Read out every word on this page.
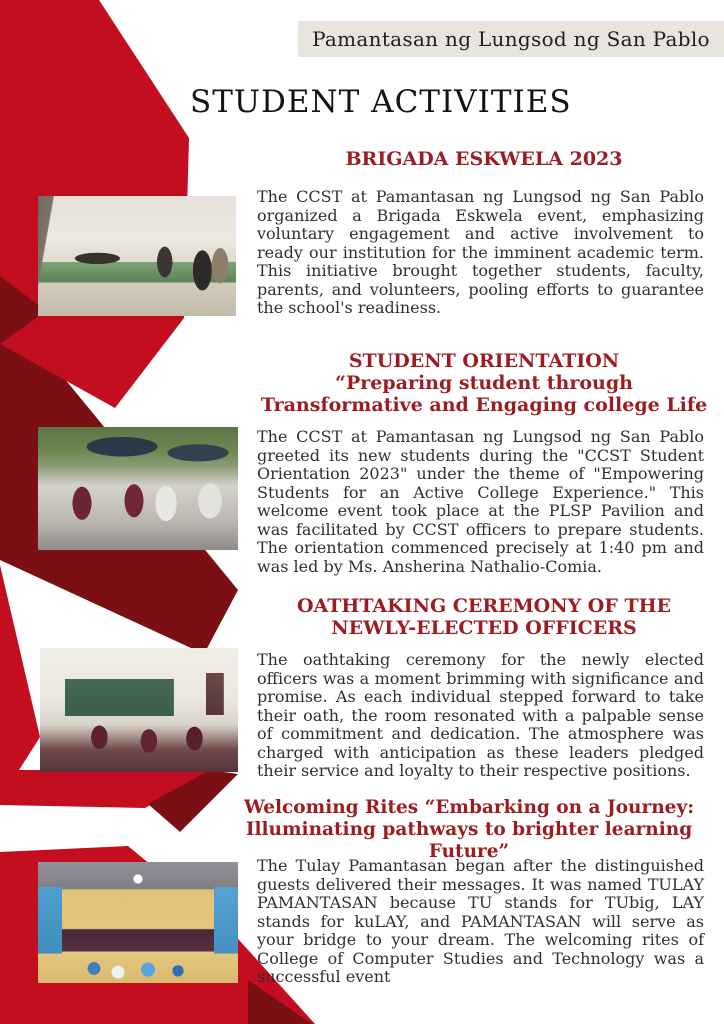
Pamantasan ng Lungsod ng San Pablo
STUDENT ACTIVITIES
BRIGADA ESKWELA 2023
The CCST at Pamantasan ng Lungsod ng San Pablo organized a Brigada Eskwela event, emphasizing voluntary engagement and active involvement to ready our institution for the imminent academic term. This initiative brought together students, faculty, parents, and volunteers, pooling efforts to guarantee the school's readiness.
STUDENT ORIENTATION
“Preparing student through Transformative and Engaging college Life
The CCST at Pamantasan ng Lungsod ng San Pablo greeted its new students during the "CCST Student Orientation 2023" under the theme of "Empowering Students for an Active College Experience." This welcome event took place at the PLSP Pavilion and was facilitated by CCST officers to prepare students. The orientation commenced precisely at 1:40 pm and was led by Ms. Ansherina Nathalio-Comia.
OATHTAKING CEREMONY OF THE NEWLY-ELECTED OFFICERS
The oathtaking ceremony for the newly elected officers was a moment brimming with significance and promise. As each individual stepped forward to take their oath, the room resonated with a palpable sense of commitment and dedication. The atmosphere was charged with anticipation as these leaders pledged their service and loyalty to their respective positions.
Welcoming Rites “Embarking on a Journey: Illuminating pathways to brighter learning Future”
The Tulay Pamantasan began after the distinguished guests delivered their messages. It was named TULAY PAMANTASAN because TU stands for TUbig, LAY stands for kuLAY, and PAMANTASAN will serve as your bridge to your dream. The welcoming rites of College of Computer Studies and Technology was a successful event
